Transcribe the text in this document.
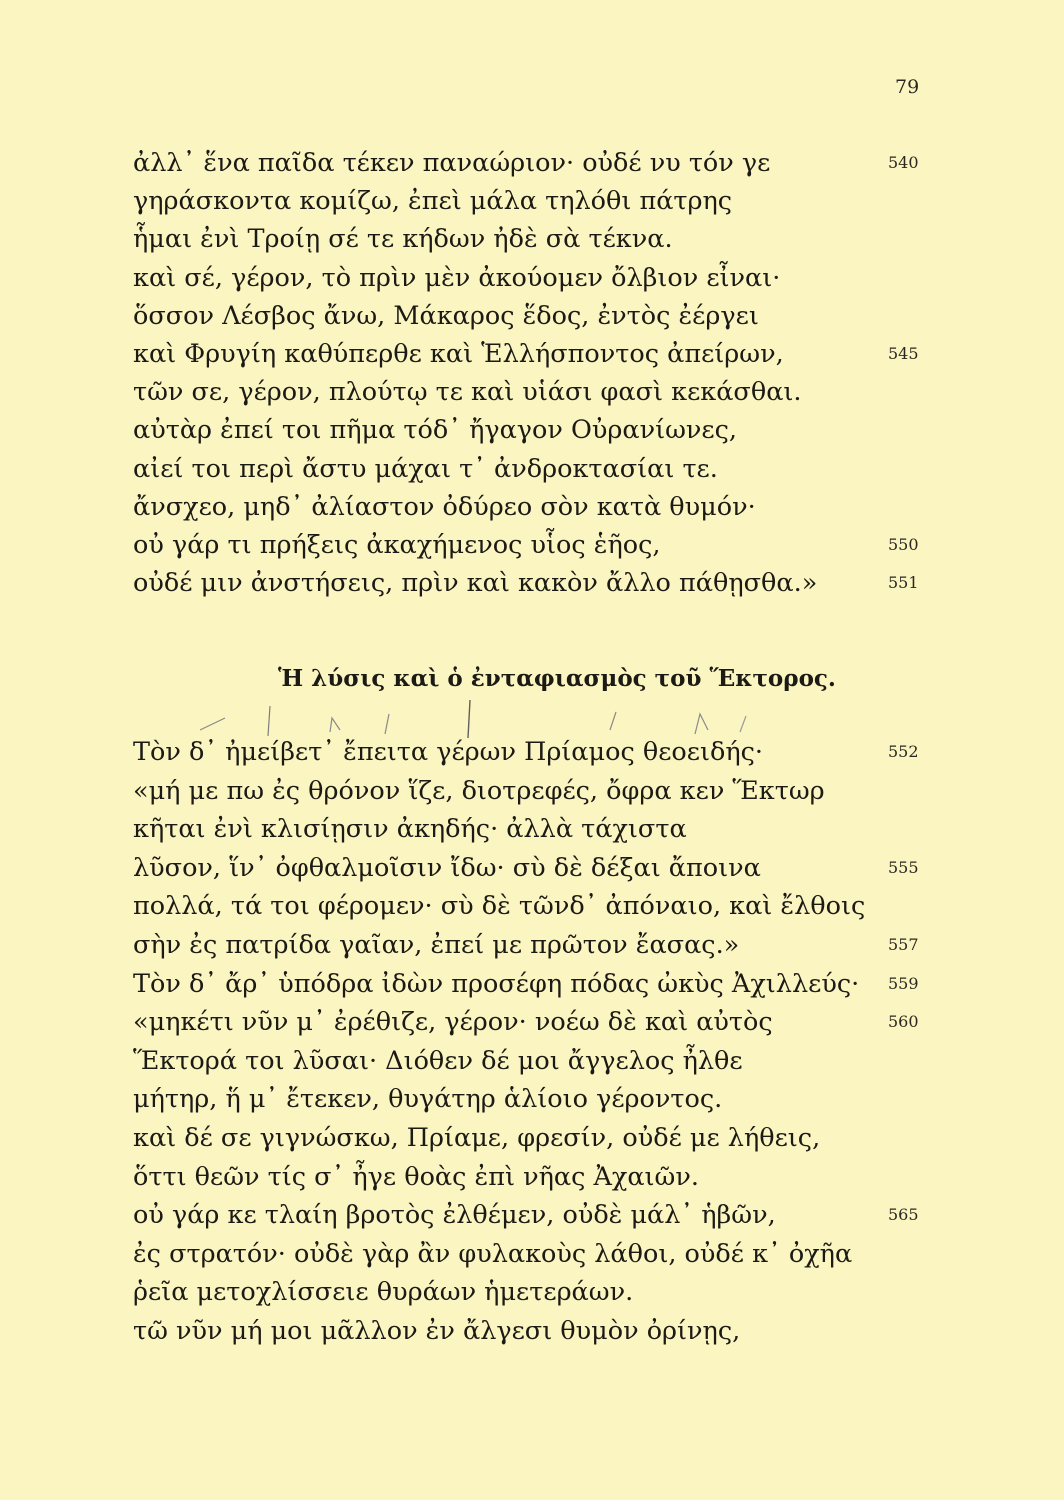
79
ἀλλ᾽ ἕνα παῖδα τέκεν παναώριον· οὐδέ νυ τόν γε	540
γηράσκοντα κομίζω, ἐπεὶ μάλα τηλόθι πάτρης
ἧμαι ἐνὶ Τροίῃ σέ τε κήδων ἠδὲ σὰ τέκνα.
καὶ σέ, γέρον, τὸ πρὶν μὲν ἀκούομεν ὄλβιον εἶναι·
ὅσσον Λέσβος ἄνω, Μάκαρος ἕδος, ἐντὸς ἐέργει
καὶ Φρυγίη καθύπερθε καὶ Ἑλλήσποντος ἀπείρων,	545
τῶν σε, γέρον, πλούτῳ τε καὶ υἱάσι φασὶ κεκάσθαι.
αὐτὰρ ἐπεί τοι πῆμα τόδ᾽ ἤγαγον Οὐρανίωνες,
αἰεί τοι περὶ ἄστυ μάχαι τ᾽ ἀνδροκτασίαι τε.
ἄνσχεο, μηδ᾽ ἀλίαστον ὀδύρεο σὸν κατὰ θυμόν·
οὐ γάρ τι πρήξεις ἀκαχήμενος υἷος ἑῆος,	550
οὐδέ μιν ἀνστήσεις, πρὶν καὶ κακὸν ἄλλο πάθῃσθα.»	551
Ἡ λύσις καὶ ὁ ἐνταφιασμὸς τοῦ Ἕκτορος.
Τὸν δ᾽ ἠμείβετ᾽ ἔπειτα γέρων Πρίαμος θεοειδής·	552
«μή με πω ἐς θρόνον ἵζε, διοτρεφές, ὄφρα κεν Ἕκτωρ
κῆται ἐνὶ κλισίῃσιν ἀκηδής· ἀλλὰ τάχιστα
λῦσον, ἵν᾽ ὀφθαλμοῖσιν ἴδω· σὺ δὲ δέξαι ἄποινα	555
πολλά, τά τοι φέρομεν· σὺ δὲ τῶνδ᾽ ἀπόναιο, καὶ ἔλθοις
σὴν ἐς πατρίδα γαῖαν, ἐπεί με πρῶτον ἔασας.»	557
Τὸν δ᾽ ἄρ᾽ ὑπόδρα ἰδὼν προσέφη πόδας ὠκὺς Ἀχιλλεύς· 559
«μηκέτι νῦν μ᾽ ἐρέθιζε, γέρον· νοέω δὲ καὶ αὐτὸς	560
Ἕκτορά τοι λῦσαι· Διόθεν δέ μοι ἄγγελος ἦλθε
μήτηρ, ἥ μ᾽ ἔτεκεν, θυγάτηρ ἁλίοιο γέροντος.
καὶ δέ σε γιγνώσκω, Πρίαμε, φρεσίν, οὐδέ με λήθεις,
ὅττι θεῶν τίς σ᾽ ἦγε θοὰς ἐπὶ νῆας Ἀχαιῶν.
οὐ γάρ κε τλαίη βροτὸς ἐλθέμεν, οὐδὲ μάλ᾽ ἡβῶν,	565
ἐς στρατόν· οὐδὲ γὰρ ἂν φυλακοὺς λάθοι, οὐδέ κ᾽ ὀχῆα
ῥεῖα μετοχλίσσειε θυράων ἡμετεράων.
τῶ νῦν μή μοι μᾶλλον ἐν ἄλγεσι θυμὸν ὀρίνῃς,
